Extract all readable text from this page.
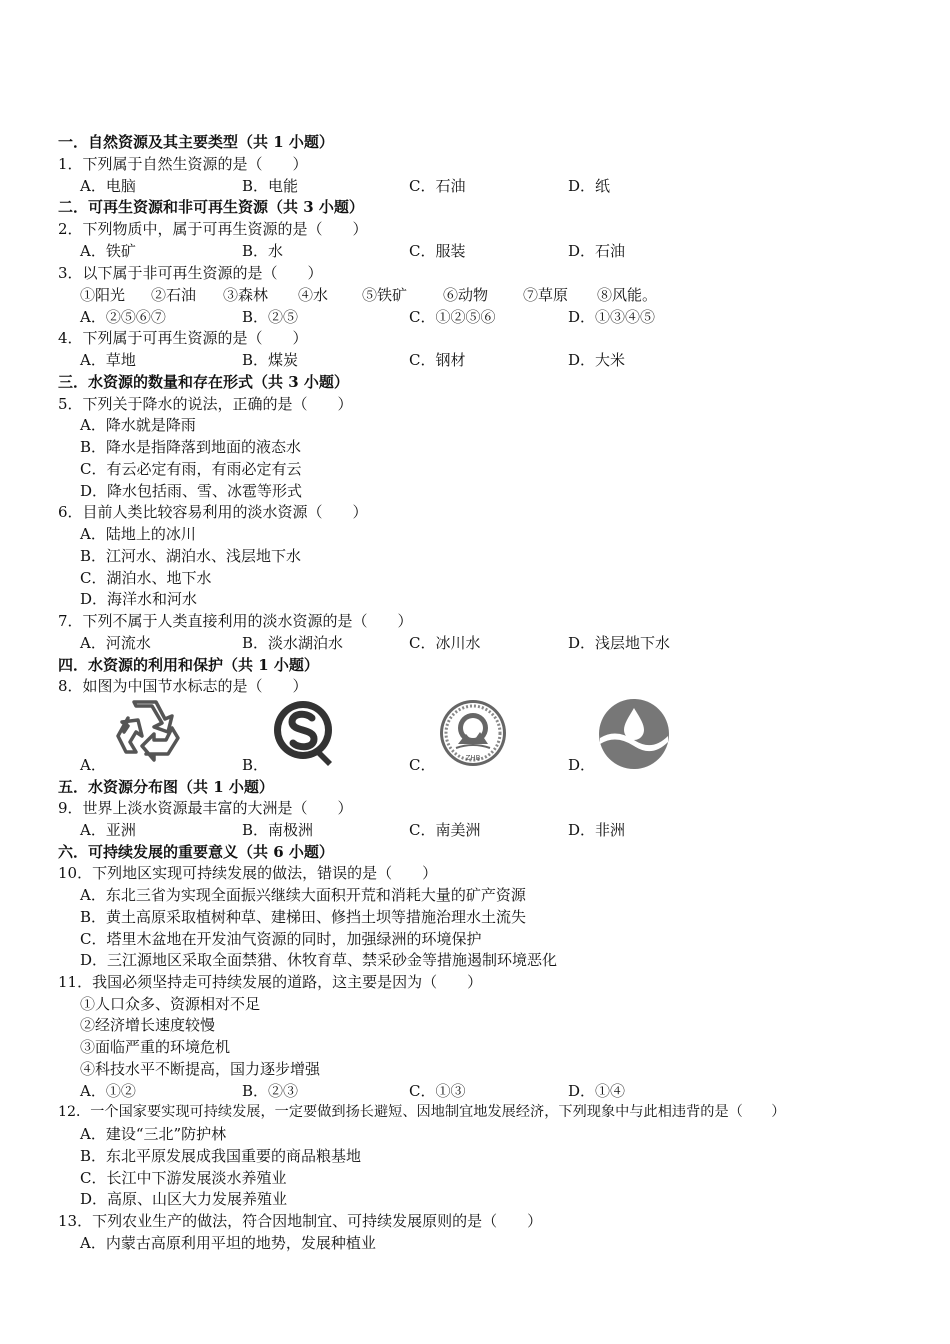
一．自然资源及其主要类型（共 1 小题）
1．下列属于自然生资源的是（　　）
A．电脑	B．电能	C．石油	D．纸
二．可再生资源和非可再生资源（共 3 小题）
2．下列物质中，属于可再生资源的是（　　）
A．铁矿	B．水	C．服装	D．石油
3．以下属于非可再生资源的是（　　）
①阳光 ②石油 ③森林 ④水 ⑤铁矿 ⑥动物 ⑦草原 ⑧风能。
A．②⑤⑥⑦	B．②⑤	C．①②⑤⑥	D．①③④⑤
4．下列属于可再生资源的是（　　）
A．草地	B．煤炭	C．钢材	D．大米
三．水资源的数量和存在形式（共 3 小题）
5．下列关于降水的说法，正确的是（　　）
A．降水就是降雨
B．降水是指降落到地面的液态水
C．有云必定有雨，有雨必定有云
D．降水包括雨、雪、冰雹等形式
6．目前人类比较容易利用的淡水资源（　　）
A．陆地上的冰川
B．江河水、湖泊水、浅层地下水
C．湖泊水、地下水
D．海洋水和河水
7．下列不属于人类直接利用的淡水资源的是（　　）
A．河流水	B．淡水湖泊水	C．冰川水	D．浅层地下水
四．水资源的利用和保护（共 1 小题）
8．如图为中国节水标志的是（　　）
ZHB
A．	B．	C．	D．
五．水资源分布图（共 1 小题）
9．世界上淡水资源最丰富的大洲是（　　）
A．亚洲	B．南极洲	C．南美洲	D．非洲
六．可持续发展的重要意义（共 6 小题）
10．下列地区实现可持续发展的做法，错误的是（　　）
A．东北三省为实现全面振兴继续大面积开荒和消耗大量的矿产资源
B．黄土高原采取植树种草、建梯田、修挡土坝等措施治理水土流失
C．塔里木盆地在开发油气资源的同时，加强绿洲的环境保护
D．三江源地区采取全面禁猎、休牧育草、禁采砂金等措施遏制环境恶化
11．我国必须坚持走可持续发展的道路，这主要是因为（　　）
①人口众多、资源相对不足
②经济增长速度较慢
③面临严重的环境危机
④科技水平不断提高，国力逐步增强
A．①②	B．②③	C．①③	D．①④
12．一个国家要实现可持续发展，一定要做到扬长避短、因地制宜地发展经济，下列现象中与此相违背的是（　　）
A．建设“三北”防护林
B．东北平原发展成我国重要的商品粮基地
C．长江中下游发展淡水养殖业
D．高原、山区大力发展养殖业
13．下列农业生产的做法，符合因地制宜、可持续发展原则的是（　　）
A．内蒙古高原利用平坦的地势，发展种植业
